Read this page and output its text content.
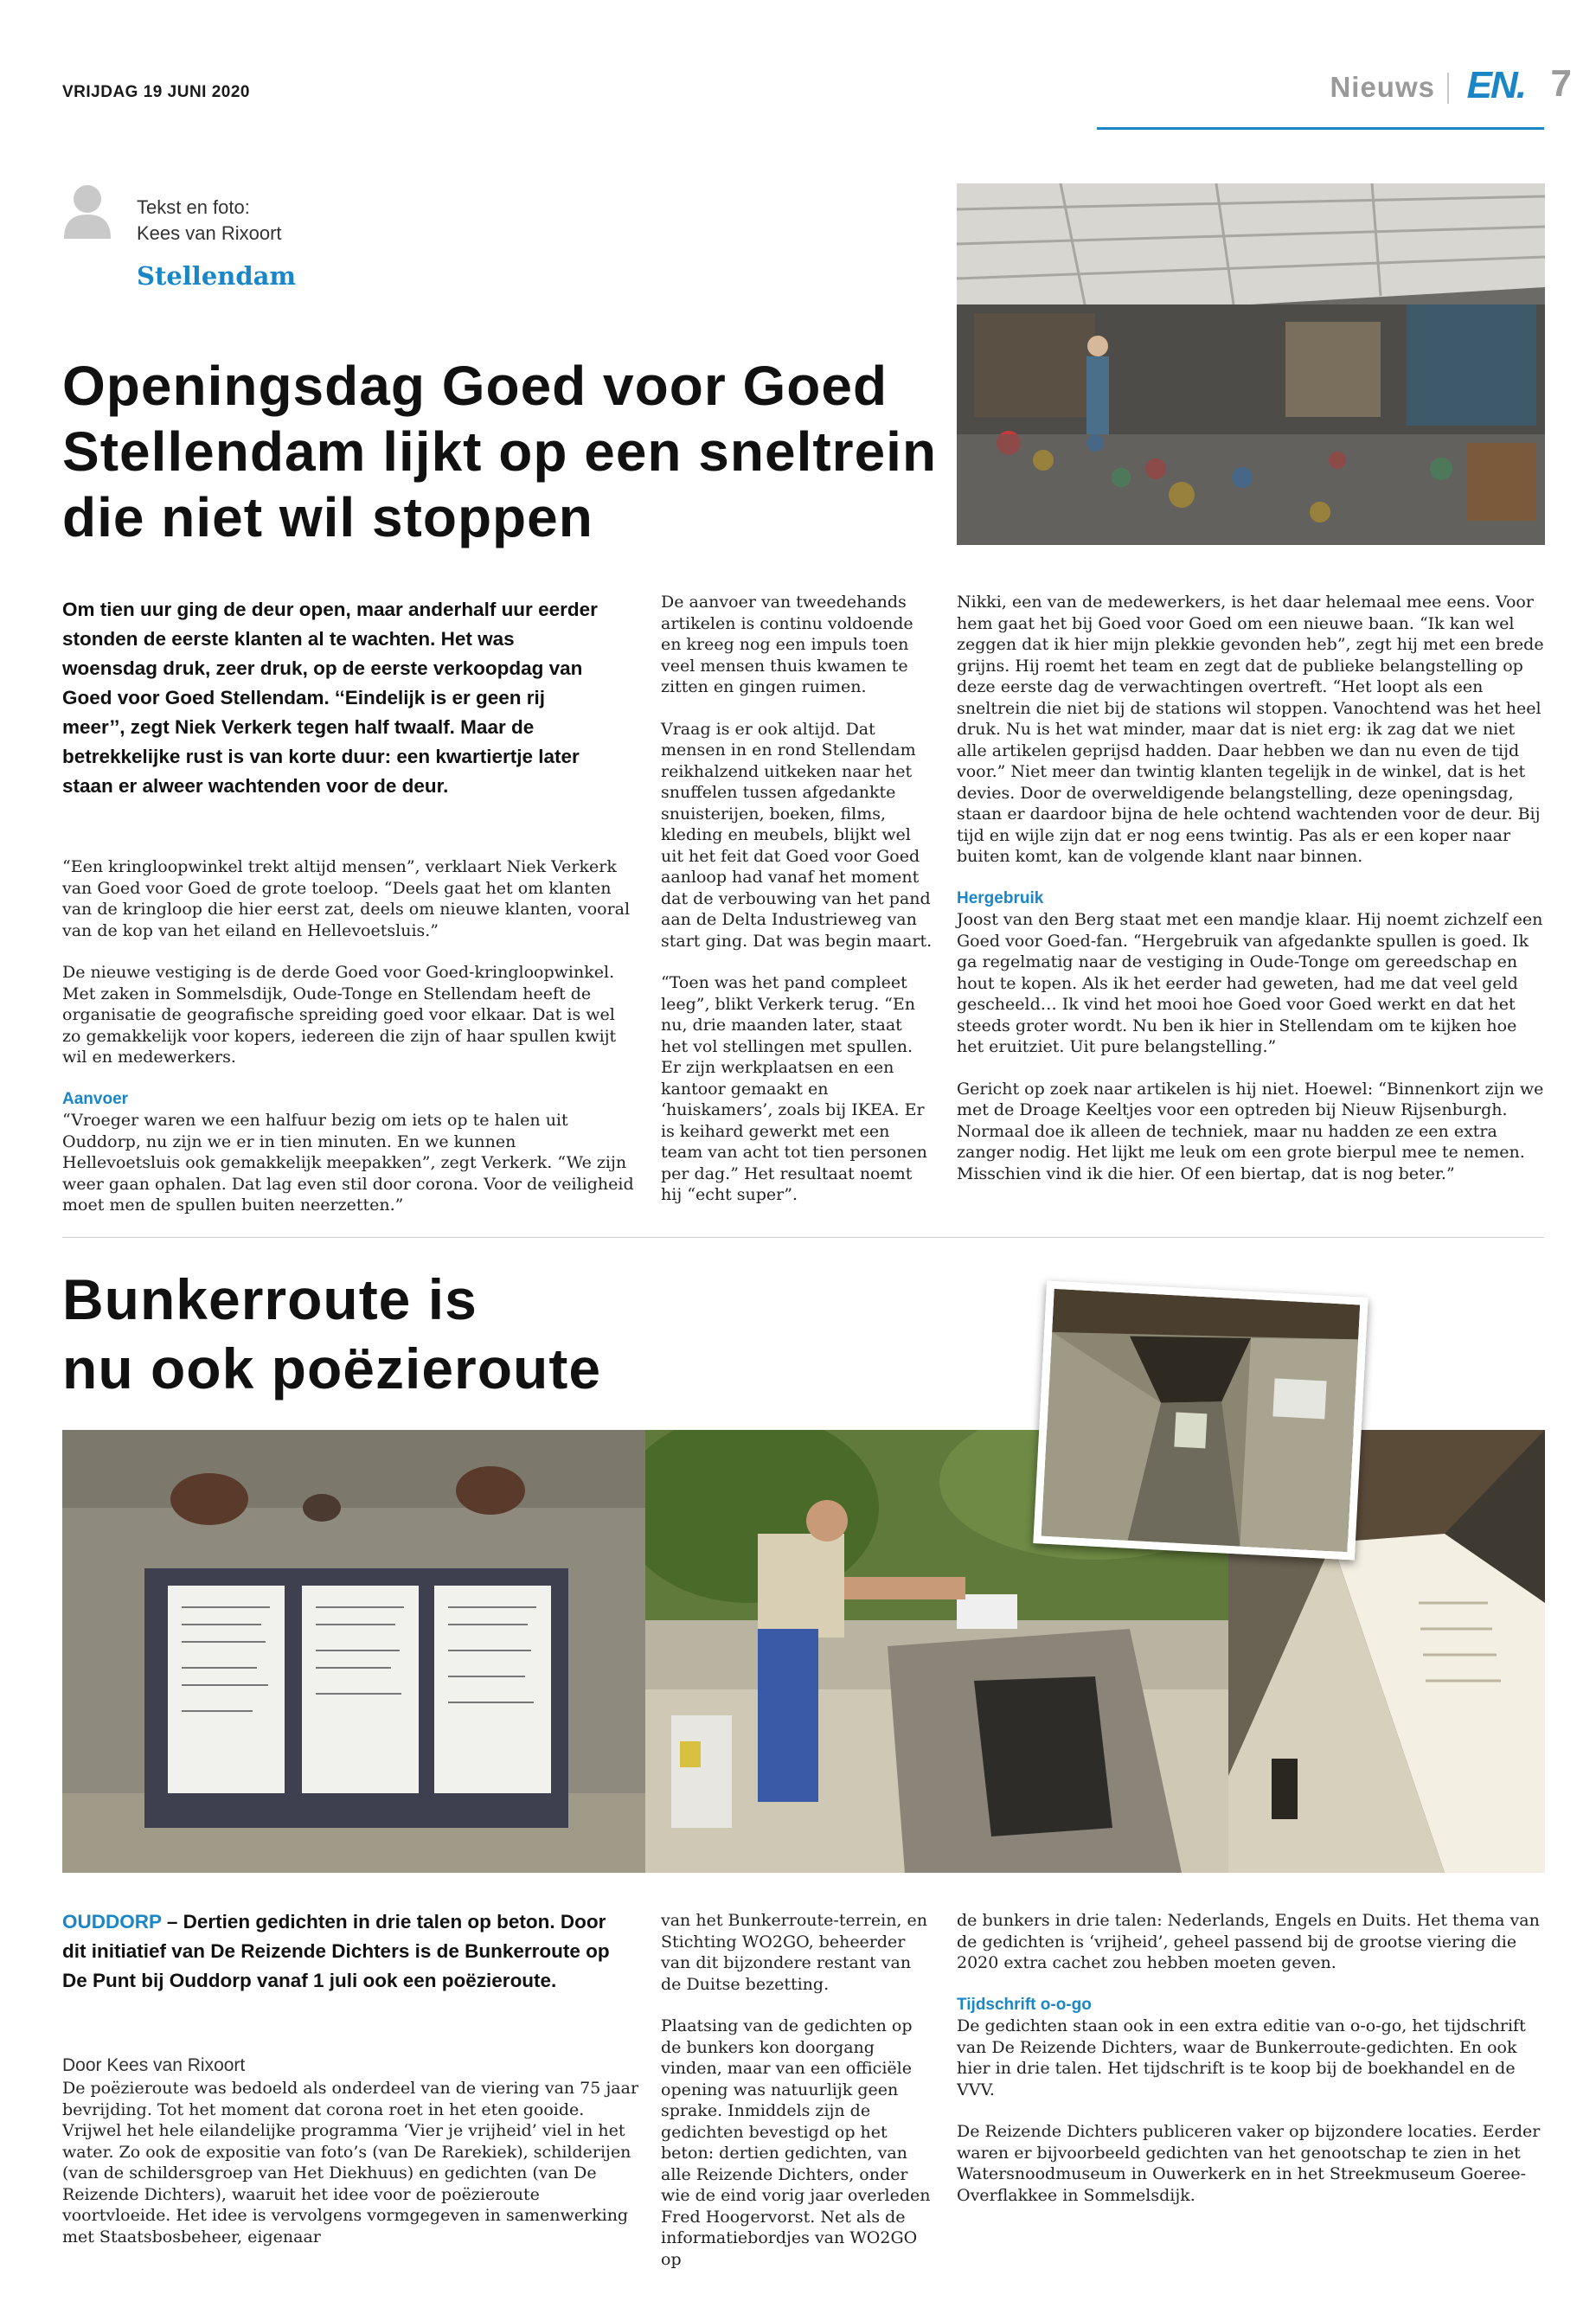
VRIJDAG 19 JUNI 2020	Nieuws EN. 7
Tekst en foto:
Kees van Rixoort
Stellendam
Openingsdag Goed voor Goed Stellendam lijkt op een sneltrein die niet wil stoppen
Om tien uur ging de deur open, maar anderhalf uur eerder stonden de eerste klanten al te wachten. Het was woensdag druk, zeer druk, op de eerste verkoopdag van Goed voor Goed Stellendam. ‘‘Eindelijk is er geen rij meer’’, zegt Niek Verkerk tegen half twaalf. Maar de betrekkelijke rust is van korte duur: een kwartiertje later staan er alweer wachtenden voor de deur.

“Een kringloopwinkel trekt altijd mensen”, verklaart Niek Verkerk van Goed voor Goed de grote toeloop. “Deels gaat het om klanten van de kringloop die hier eerst zat, deels om nieuwe klanten, vooral van de kop van het eiland en Hellevoetsluis.”

De nieuwe vestiging is de derde Goed voor Goed-kringloopwinkel. Met zaken in Sommelsdijk, Oude-Tonge en Stellendam heeft de organisatie de geografische spreiding goed voor elkaar. Dat is wel zo gemakkelijk voor kopers, iedereen die zijn of haar spullen kwijt wil en medewerkers.

Aanvoer

“Vroeger waren we een halfuur bezig om iets op te halen uit Ouddorp, nu zijn we er in tien minuten. En we kunnen Hellevoetsluis ook gemakkelijk meepakken”, zegt Verkerk. “We zijn weer gaan ophalen. Dat lag even stil door corona. Voor de veiligheid moet men de spullen buiten neerzetten.”

De aanvoer van tweedehands artikelen is continu voldoende en kreeg nog een impuls toen veel mensen thuis kwamen te zitten en gingen ruimen.

Vraag is er ook altijd. Dat mensen in en rond Stellendam reikhalzend uitkeken naar het snuffelen tussen afgedankte snuisterijen, boeken, films, kleding en meubels, blijkt wel uit het feit dat Goed voor Goed aanloop had vanaf het moment dat de verbouwing van het pand aan de Delta Industrieweg van start ging. Dat was begin maart.

“Toen was het pand compleet leeg”, blikt Verkerk terug. “En nu, drie maanden later, staat het vol stellingen met spullen. Er zijn werkplaatsen en een kantoor gemaakt en ‘huiskamers’, zoals bij IKEA. Er is keihard gewerkt met een team van acht tot tien personen per dag.” Het resultaat noemt hij “echt super”.

Nikki, een van de medewerkers, is het daar helemaal mee eens. Voor hem gaat het bij Goed voor Goed om een nieuwe baan. “Ik kan wel zeggen dat ik hier mijn plekkie gevonden heb”, zegt hij met een brede grijns. Hij roemt het team en zegt dat de publieke belangstelling op deze eerste dag de verwachtingen overtreft. “Het loopt als een sneltrein die niet bij de stations wil stoppen. Vanochtend was het heel druk. Nu is het wat minder, maar dat is niet erg: ik zag dat we niet alle artikelen geprijsd hadden. Daar hebben we dan nu even de tijd voor.” Niet meer dan twintig klanten tegelijk in de winkel, dat is het devies. Door de overweldigende belangstelling, deze openingsdag, staan er daardoor bijna de hele ochtend wachtenden voor de deur. Bij tijd en wijle zijn dat er nog eens twintig. Pas als er een koper naar buiten komt, kan de volgende klant naar binnen.

Hergebruik

Joost van den Berg staat met een mandje klaar. Hij noemt zichzelf een Goed voor Goed-fan. “Hergebruik van afgedankte spullen is goed. Ik ga regelmatig naar de vestiging in Oude-Tonge om gereedschap en hout te kopen. Als ik het eerder had geweten, had me dat veel geld gescheeld… Ik vind het mooi hoe Goed voor Goed werkt en dat het steeds groter wordt. Nu ben ik hier in Stellendam om te kijken hoe het eruitziet. Uit pure belangstelling.”

Gericht op zoek naar artikelen is hij niet. Hoewel: “Binnenkort zijn we met de Droage Keeltjes voor een optreden bij Nieuw Rijsenburgh. Normaal doe ik alleen de techniek, maar nu hadden ze een extra zanger nodig. Het lijkt me leuk om een grote bierpul mee te nemen. Misschien vind ik die hier. Of een biertap, dat is nog beter.”

Bunkerroute is
nu ook poëzieroute
OUDDORP – Dertien gedichten in drie talen op beton. Door dit initiatief van De Reizende Dichters is de Bunkerroute op De Punt bij Ouddorp vanaf 1 juli ook een poëzieroute.
Door Kees van Rixoort

De poëzieroute was bedoeld als onderdeel van de viering van 75 jaar bevrijding. Tot het moment dat corona roet in het eten gooide. Vrijwel het hele eilandelijke programma ‘Vier je vrijheid’ viel in het water. Zo ook de expositie van foto’s (van De Rarekiek), schilderijen (van de schildersgroep van Het Diekhuus) en gedichten (van De Reizende Dichters), waaruit het idee voor de poëzieroute voortvloeide. Het idee is vervolgens vormgegeven in samenwerking met Staatsbosbeheer, eigenaar

van het Bunkerroute-terrein, en Stichting WO2GO, beheerder van dit bijzondere restant van de Duitse bezetting.

Plaatsing van de gedichten op de bunkers kon doorgang vinden, maar van een officiële opening was natuurlijk geen sprake. Inmiddels zijn de gedichten bevestigd op het beton: dertien gedichten, van alle Reizende Dichters, onder wie de eind vorig jaar overleden Fred Hoogervorst. Net als de informatiebordjes van WO2GO op

de bunkers in drie talen: Nederlands, Engels en Duits. Het thema van de gedichten is ‘vrijheid’, geheel passend bij de grootse viering die 2020 extra cachet zou hebben moeten geven.

Tijdschrift o-o-go

De gedichten staan ook in een extra editie van o-o-go, het tijdschrift van De Reizende Dichters, waar de Bunkerroute-gedichten. En ook hier in drie talen. Het tijdschrift is te koop bij de boekhandel en de VVV.

De Reizende Dichters publiceren vaker op bijzondere locaties. Eerder waren er bijvoorbeeld gedichten van het genootschap te zien in het Watersnoodmuseum in Ouwerkerk en in het Streekmuseum Goeree-Overflakkee in Sommelsdijk.
